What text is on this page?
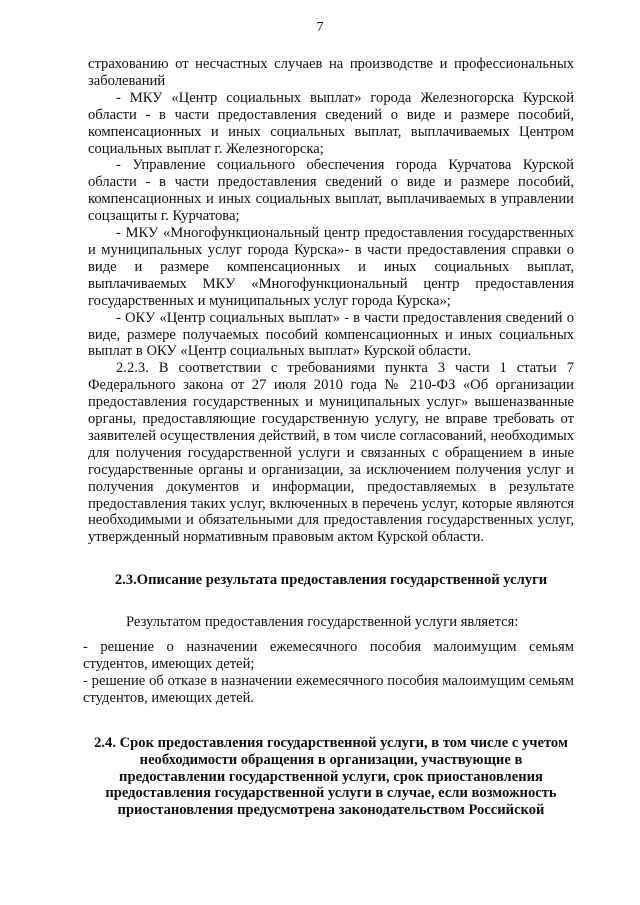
7

страхованию от несчастных случаев на производстве и профессиональных заболеваний

- МКУ «Центр социальных выплат» города Железногорска Курской области - в части предоставления сведений о виде и размере пособий, компенсационных и иных социальных выплат, выплачиваемых Центром социальных выплат г. Железногорска;

- Управление социального обеспечения города Курчатова Курской области - в части предоставления сведений о виде и размере пособий, компенсационных и иных социальных выплат, выплачиваемых в управлении соцзащиты г. Курчатова;

- МКУ «Многофункциональный центр предоставления государственных и муниципальных услуг города Курска»- в части предоставления справки о виде и размере компенсационных и иных социальных выплат, выплачиваемых МКУ «Многофункциональный центр предоставления государственных и муниципальных услуг города Курска»;

- ОКУ «Центр социальных выплат» - в части предоставления сведений о виде, размере получаемых пособий компенсационных и иных социальных выплат в ОКУ «Центр социальных выплат» Курской области.

2.2.3. В соответствии с требованиями пункта 3 части 1 статьи 7 Федерального закона от 27 июля 2010 года № 210-ФЗ «Об организации предоставления государственных и муниципальных услуг» вышеназванные органы, предоставляющие государственную услугу, не вправе требовать от заявителей осуществления действий, в том числе согласований, необходимых для получения государственной услуги и связанных с обращением в иные государственные органы и организации, за исключением получения услуг и получения документов и информации, предоставляемых в результате предоставления таких услуг, включенных в перечень услуг, которые являются необходимыми и обязательными для предоставления государственных услуг, утвержденный нормативным правовым актом Курской области.

2.3.Описание результата предоставления государственной услуги

Результатом предоставления государственной услуги является:

- решение о назначении ежемесячного пособия малоимущим семьям студентов, имеющих детей;

- решение об отказе в назначении ежемесячного пособия малоимущим семьям студентов, имеющих детей.

2.4. Срок предоставления государственной услуги, в том числе с учетом необходимости обращения в организации, участвующие в предоставлении государственной услуги, срок приостановления предоставления государственной услуги в случае, если возможность приостановления предусмотрена законодательством Российской
